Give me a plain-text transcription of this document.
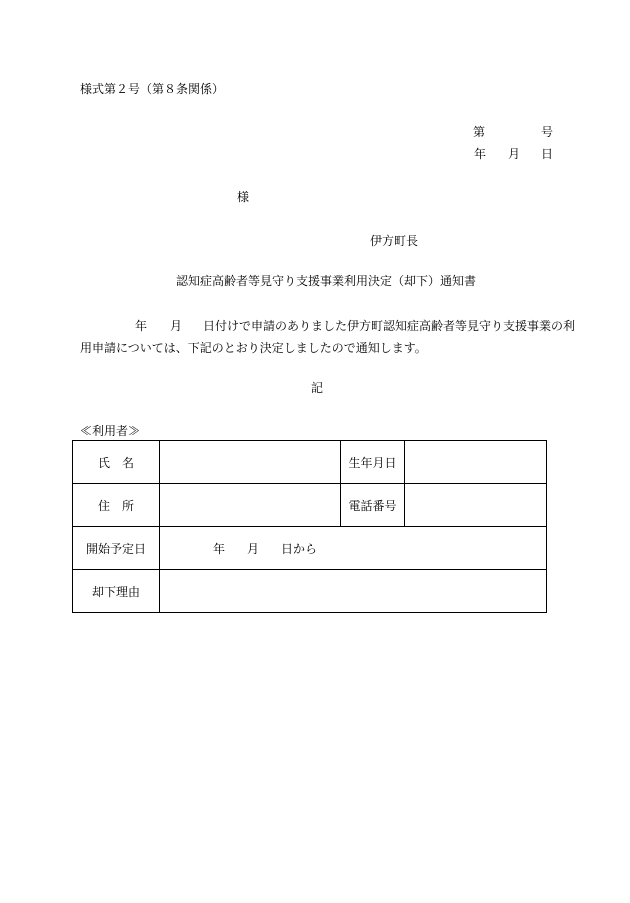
様式第２号（第８条関係）
第	号
年 月 日
様
伊方町長
認知症高齢者等見守り支援事業利用決定（却下）通知書
年 月 日付けで申請のありました伊方町認知症高齢者等見守り支援事業の利
用申請については、下記のとおり決定しましたので通知します。
記
≪利用者≫
氏　名		生年月日	
住　所		電話番号	
開始予定日	年 月 日から		
却下理由			
